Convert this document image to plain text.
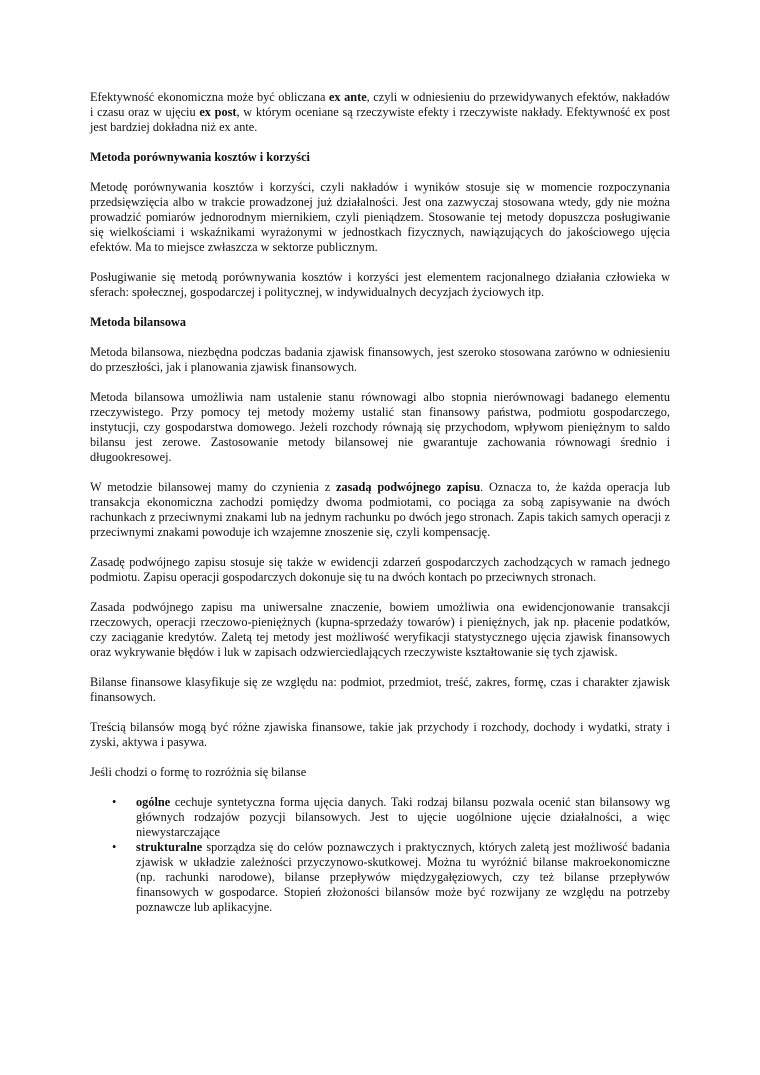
Efektywność ekonomiczna może być obliczana ex ante, czyli w odniesieniu do przewidywanych efektów, nakładów i czasu oraz w ujęciu ex post, w którym oceniane są rzeczywiste efekty i rzeczywiste nakłady. Efektywność ex post jest bardziej dokładna niż ex ante.

Metoda porównywania kosztów i korzyści

Metodę porównywania kosztów i korzyści, czyli nakładów i wyników stosuje się w momencie rozpoczynania przedsięwzięcia albo w trakcie prowadzonej już działalności. Jest ona zazwyczaj stosowana wtedy, gdy nie można prowadzić pomiarów jednorodnym miernikiem, czyli pieniądzem. Stosowanie tej metody dopuszcza posługiwanie się wielkościami i wskaźnikami wyrażonymi w jednostkach fizycznych, nawiązujących do jakościowego ujęcia efektów. Ma to miejsce zwłaszcza w sektorze publicznym.

Posługiwanie się metodą porównywania kosztów i korzyści jest elementem racjonalnego działania człowieka w sferach: społecznej, gospodarczej i politycznej, w indywidualnych decyzjach życiowych itp.

Metoda bilansowa

Metoda bilansowa, niezbędna podczas badania zjawisk finansowych, jest szeroko stosowana zarówno w odniesieniu do przeszłości, jak i planowania zjawisk finansowych.

Metoda bilansowa umożliwia nam ustalenie stanu równowagi albo stopnia nierównowagi badanego elementu rzeczywistego. Przy pomocy tej metody możemy ustalić stan finansowy państwa, podmiotu gospodarczego, instytucji, czy gospodarstwa domowego. Jeżeli rozchody równają się przychodom, wpływom pieniężnym to saldo bilansu jest zerowe. Zastosowanie metody bilansowej nie gwarantuje zachowania równowagi średnio i długookresowej.

W metodzie bilansowej mamy do czynienia z zasadą podwójnego zapisu. Oznacza to, że każda operacja lub transakcja ekonomiczna zachodzi pomiędzy dwoma podmiotami, co pociąga za sobą zapisywanie na dwóch rachunkach z przeciwnymi znakami lub na jednym rachunku po dwóch jego stronach. Zapis takich samych operacji z przeciwnymi znakami powoduje ich wzajemne znoszenie się, czyli kompensację.

Zasadę podwójnego zapisu stosuje się także w ewidencji zdarzeń gospodarczych zachodzących w ramach jednego podmiotu. Zapisu operacji gospodarczych dokonuje się tu na dwóch kontach po przeciwnych stronach.

Zasada podwójnego zapisu ma uniwersalne znaczenie, bowiem umożliwia ona ewidencjonowanie transakcji rzeczowych, operacji rzeczowo-pieniężnych (kupna-sprzedaży towarów) i pieniężnych, jak np. płacenie podatków, czy zaciąganie kredytów. Zaletą tej metody jest możliwość weryfikacji statystycznego ujęcia zjawisk finansowych oraz wykrywanie błędów i luk w zapisach odzwierciedlających rzeczywiste kształtowanie się tych zjawisk.

Bilanse finansowe klasyfikuje się ze względu na: podmiot, przedmiot, treść, zakres, formę, czas i charakter zjawisk finansowych.

Treścią bilansów mogą być różne zjawiska finansowe, takie jak przychody i rozchody, dochody i wydatki, straty i zyski, aktywa i pasywa.

Jeśli chodzi o formę to rozróżnia się bilanse

• ogólne cechuje syntetyczna forma ujęcia danych. Taki rodzaj bilansu pozwala ocenić stan bilansowy wg głównych rodzajów pozycji bilansowych. Jest to ujęcie uogólnione ujęcie działalności, a więc niewystarczające
• strukturalne sporządza się do celów poznawczych i praktycznych, których zaletą jest możliwość badania zjawisk w układzie zależności przyczynowo-skutkowej. Można tu wyróżnić bilanse makroekonomiczne (np. rachunki narodowe), bilanse przepływów międzygałęziowych, czy też bilanse przepływów finansowych w gospodarce. Stopień złożoności bilansów może być rozwijany ze względu na potrzeby poznawcze lub aplikacyjne.
